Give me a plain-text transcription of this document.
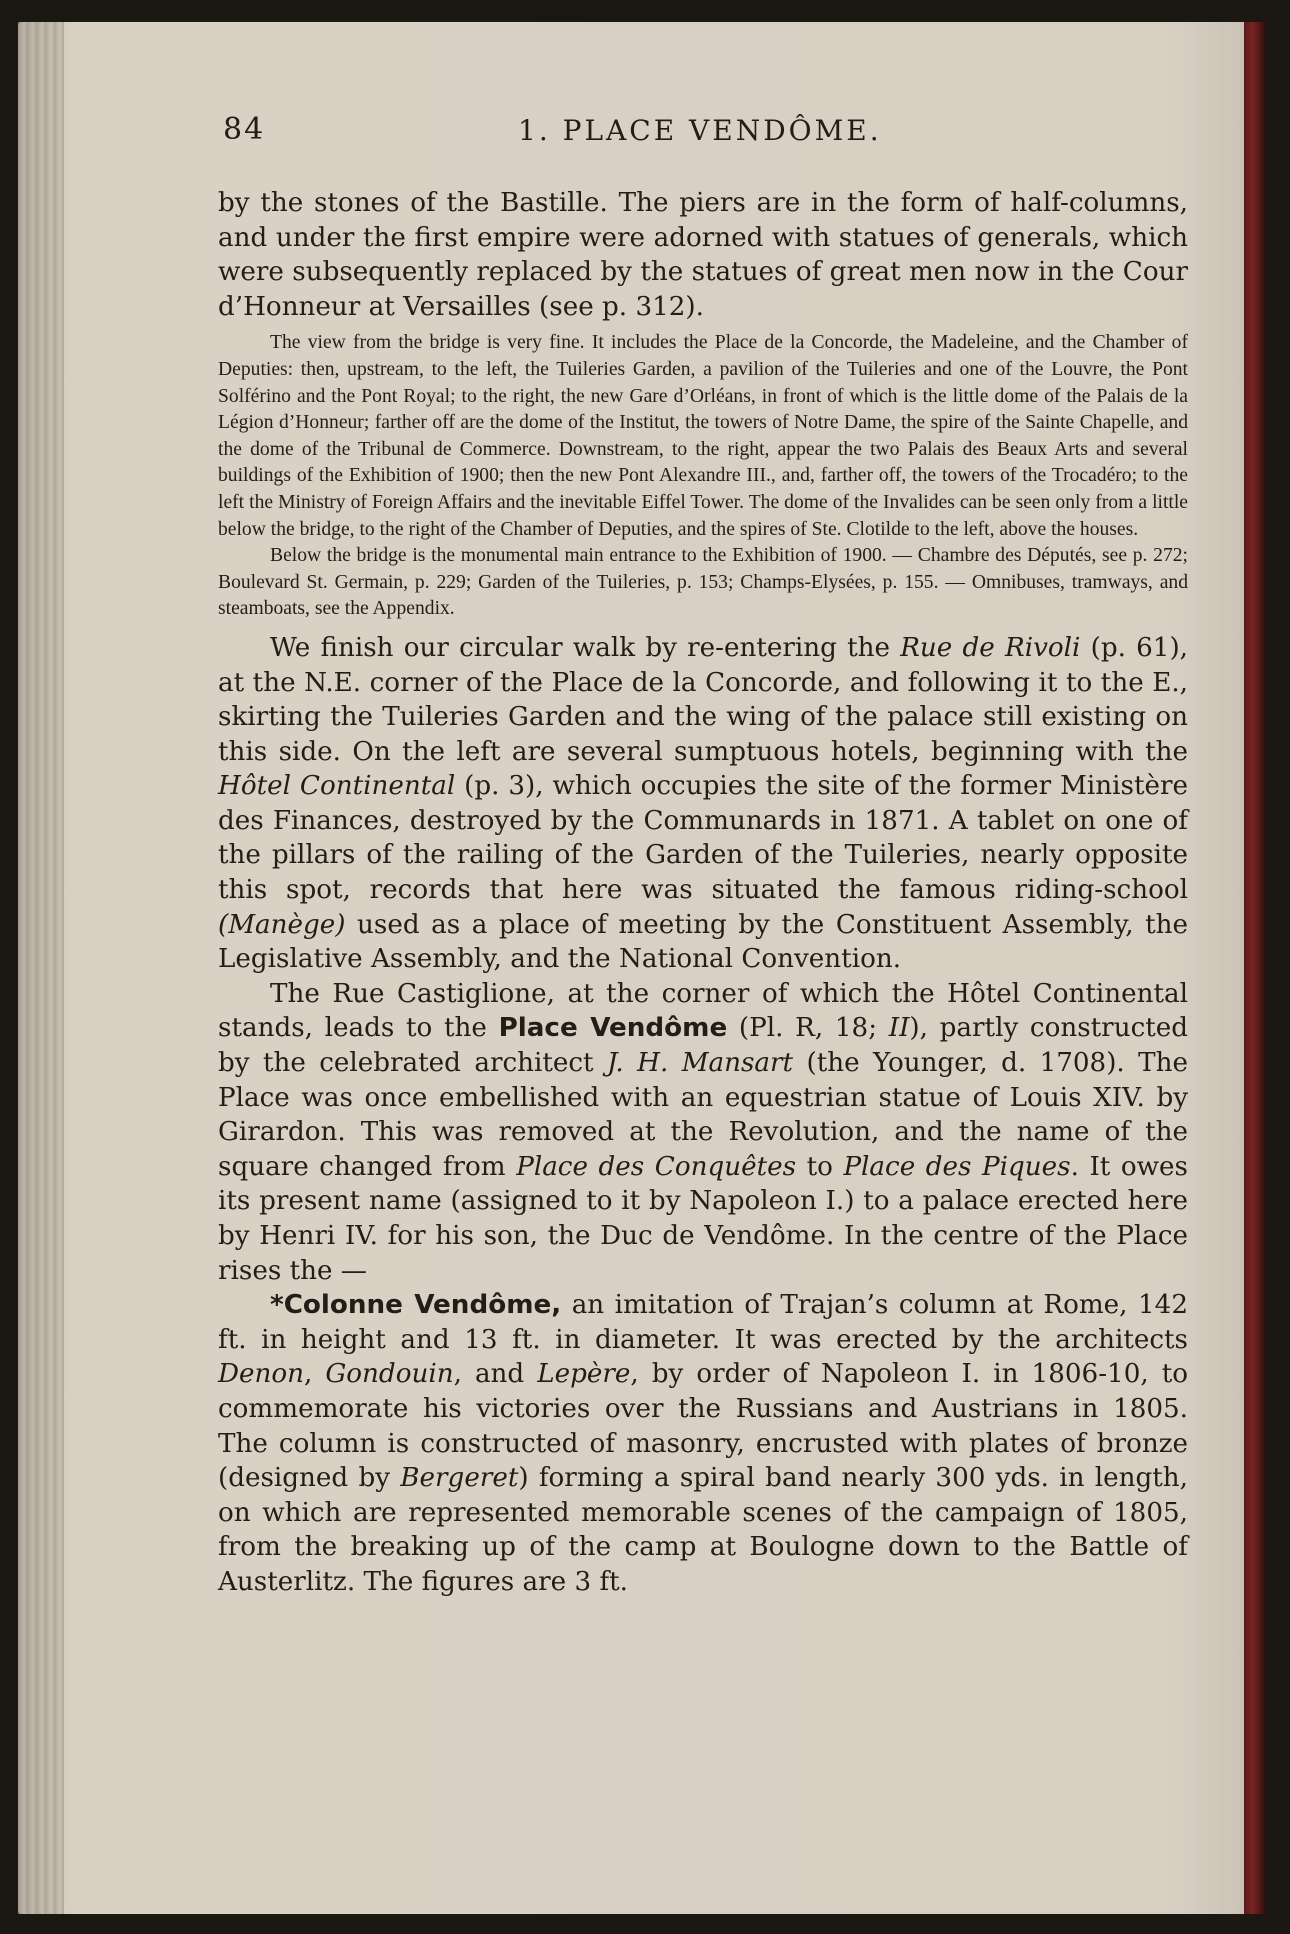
84	1. PLACE VENDÔME.

by the stones of the Bastille. The piers are in the form of half-columns, and under the first empire were adorned with statues of generals, which were subsequently replaced by the statues of great men now in the Cour d’Honneur at Versailles (see p. 312).

The view from the bridge is very fine. It includes the Place de la Concorde, the Madeleine, and the Chamber of Deputies: then, upstream, to the left, the Tuileries Garden, a pavilion of the Tuileries and one of the Louvre, the Pont Solférino and the Pont Royal; to the right, the new Gare d’Orléans, in front of which is the little dome of the Palais de la Légion d’Honneur; farther off are the dome of the Institut, the towers of Notre Dame, the spire of the Sainte Chapelle, and the dome of the Tribunal de Commerce. Downstream, to the right, appear the two Palais des Beaux Arts and several buildings of the Exhibition of 1900; then the new Pont Alexandre III., and, farther off, the towers of the Trocadéro; to the left the Ministry of Foreign Affairs and the inevitable Eiffel Tower. The dome of the Invalides can be seen only from a little below the bridge, to the right of the Chamber of Deputies, and the spires of Ste. Clotilde to the left, above the houses.

Below the bridge is the monumental main entrance to the Exhibition of 1900. — Chambre des Députés, see p. 272; Boulevard St. Germain, p. 229; Garden of the Tuileries, p. 153; Champs-Elysées, p. 155. — Omnibuses, tramways, and steamboats, see the Appendix.

We finish our circular walk by re-entering the Rue de Rivoli (p. 61), at the N.E. corner of the Place de la Concorde, and following it to the E., skirting the Tuileries Garden and the wing of the palace still existing on this side. On the left are several sumptuous hotels, beginning with the Hôtel Continental (p. 3), which occupies the site of the former Ministère des Finances, destroyed by the Communards in 1871. A tablet on one of the pillars of the railing of the Garden of the Tuileries, nearly opposite this spot, records that here was situated the famous riding-school (Manège) used as a place of meeting by the Constituent Assembly, the Legislative Assembly, and the National Convention.

The Rue Castiglione, at the corner of which the Hôtel Continental stands, leads to the Place Vendôme (Pl. R, 18; II), partly constructed by the celebrated architect J. H. Mansart (the Younger, d. 1708). The Place was once embellished with an equestrian statue of Louis XIV. by Girardon. This was removed at the Revolution, and the name of the square changed from Place des Conquêtes to Place des Piques. It owes its present name (assigned to it by Napoleon I.) to a palace erected here by Henri IV. for his son, the Duc de Vendôme. In the centre of the Place rises the —

*Colonne Vendôme, an imitation of Trajan’s column at Rome, 142 ft. in height and 13 ft. in diameter. It was erected by the architects Denon, Gondouin, and Lepère, by order of Napoleon I. in 1806-10, to commemorate his victories over the Russians and Austrians in 1805. The column is constructed of masonry, encrusted with plates of bronze (designed by Bergeret) forming a spiral band nearly 300 yds. in length, on which are represented memorable scenes of the campaign of 1805, from the breaking up of the camp at Boulogne down to the Battle of Austerlitz. The figures are 3 ft.
